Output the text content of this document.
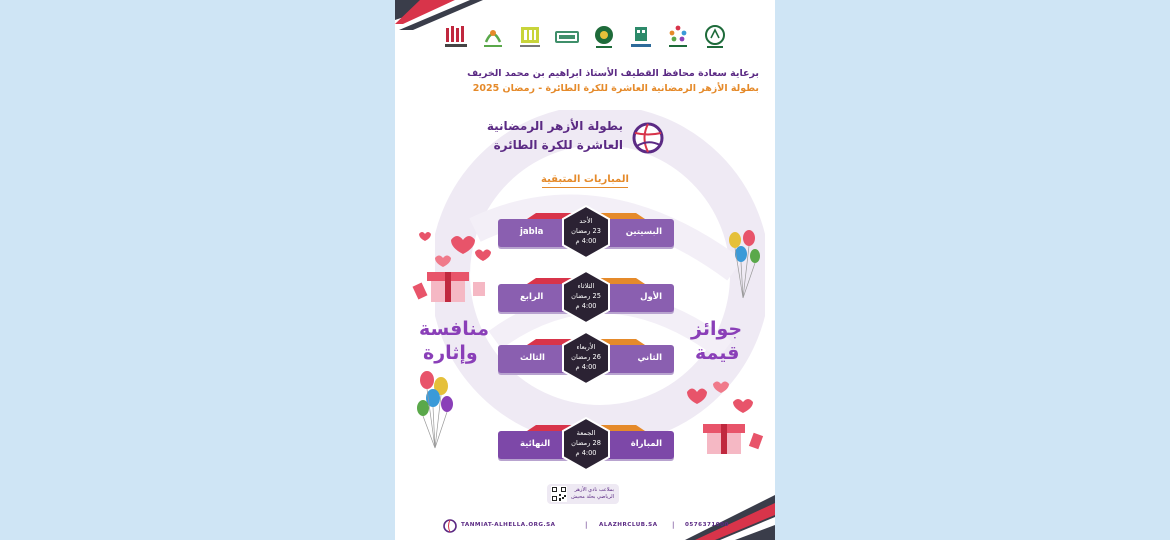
برعاية سعادة محافظ القطيف الأستاذ ابراهيم بن محمد الخريف
بطولة الأزهر الرمضانية العاشرة للكرة الطائرة - رمضان 2025
بطولة الأزهر الرمضانية
العاشرة للكرة الطائرة
المباريات المتبقية
البسيتين
jabla
الأحد
23 رمضان
4:00 م
الأول
الرابع
الثلاثاء
25 رمضان
4:00 م
الثاني
الثالث
الأربعاء
26 رمضان
4:00 م
المباراة
النهائية
الجمعة
28 رمضان
4:00 م
منافسة
وإثارة
جوائز
قيمة
بملاعب نادي الأزهر
الرياضي بحلة محيش
TANMIAT-ALHELLA.ORG.SA	| ALAZHRCLUB.SA | 0576371000
